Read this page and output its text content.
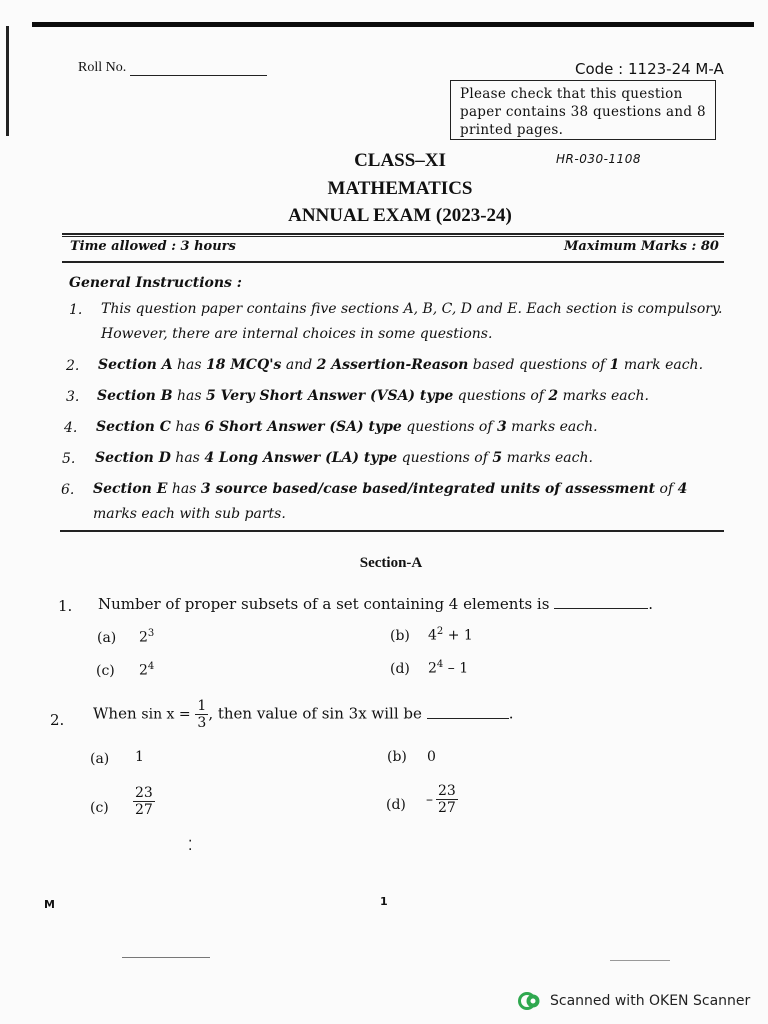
Roll No.	Code : 1123-24 M-A
Please check that this question
paper contains 38 questions and 8
printed pages.
CLASS–XI
MATHEMATICS
ANNUAL EXAM (2023-24)
HR-030-1108
Time allowed : 3 hours	Maximum Marks : 80
General Instructions :
1. This question paper contains five sections A, B, C, D and E. Each section is compulsory.
However, there are internal choices in some questions.
2. Section A has 18 MCQ's and 2 Assertion-Reason based questions of 1 mark each.
3. Section B has 5 Very Short Answer (VSA) type questions of 2 marks each.
4. Section C has 6 Short Answer (SA) type questions of 3 marks each.
5. Section D has 4 Long Answer (LA) type questions of 5 marks each.
6. Section E has 3 source based/case based/integrated units of assessment of 4
marks each with sub parts.
Section-A
1. Number of proper subsets of a set containing 4 elements is	.
(a) $2^3$	(b) $4^2 + 1$
(c) $2^4$	(d) $2^4 - 1$
2. When $\sin x = \frac{1}{3}$ , then value of sin 3x will be	.
(a) 1	(b) 0
$(c) \frac{23}{27}$	$(d) - \frac{23}{27}$
⁚
M	1
Scanned with OKEN Scanner
